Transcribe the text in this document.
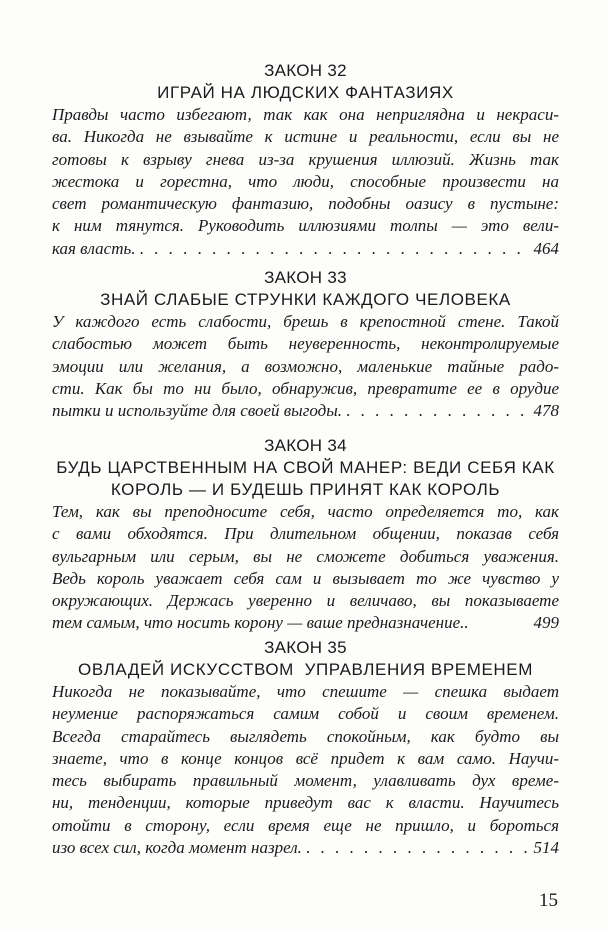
ЗАКОН 32
ИГРАЙ НА ЛЮДСКИХ ФАНТАЗИЯХ
Правды часто избегают, так как она неприглядна и некраси-
ва. Никогда не взывайте к истине и реальности, если вы не
готовы к взрыву гнева из-за крушения иллюзий. Жизнь так
жестока и горестна, что люди, способные произвести на
свет романтическую фантазию, подобны оазису в пустыне:
к ним тянутся. Руководить иллюзиями толпы — это вели-
кая власть. . . .	464
ЗАКОН 33
ЗНАЙ СЛАБЫЕ СТРУНКИ КАЖДОГО ЧЕЛОВЕКА
У каждого есть слабости, брешь в крепостной стене. Такой
слабостью может быть неуверенность, неконтролируемые
эмоции или желания, а возможно, маленькие тайные радо-
сти. Как бы то ни было, обнаружив, превратите ее в орудие
пытки и используйте для своей выгоды. . . .	478
ЗАКОН 34
БУДЬ ЦАРСТВЕННЫМ НА СВОЙ МАНЕР: ВЕДИ СЕБЯ КАК
КОРОЛЬ — И БУДЕШЬ ПРИНЯТ КАК КОРОЛЬ
Тем, как вы преподносите себя, часто определяется то, как
с вами обходятся. При длительном общении, показав себя
вульгарным или серым, вы не сможете добиться уважения.
Ведь король уважает себя сам и вызывает то же чувство у
окружающих. Держась уверенно и величаво, вы показываете
тем самым, что носить корону — ваше предназначение..	499
ЗАКОН 35
ОВЛАДЕЙ ИСКУССТВОМ  УПРАВЛЕНИЯ ВРЕМЕНЕМ
Никогда не показывайте, что спешите — спешка выдает
неумение распоряжаться самим собой и своим временем.
Всегда старайтесь выглядеть спокойным, как будто вы
знаете, что в конце концов всё придет к вам само. Научи-
тесь выбирать правильный момент, улавливать дух време-
ни, тенденции, которые приведут вас к власти. Научитесь
отойти в сторону, если время еще не пришло, и бороться
изо всех сил, когда момент назрел. . . .	514
15
